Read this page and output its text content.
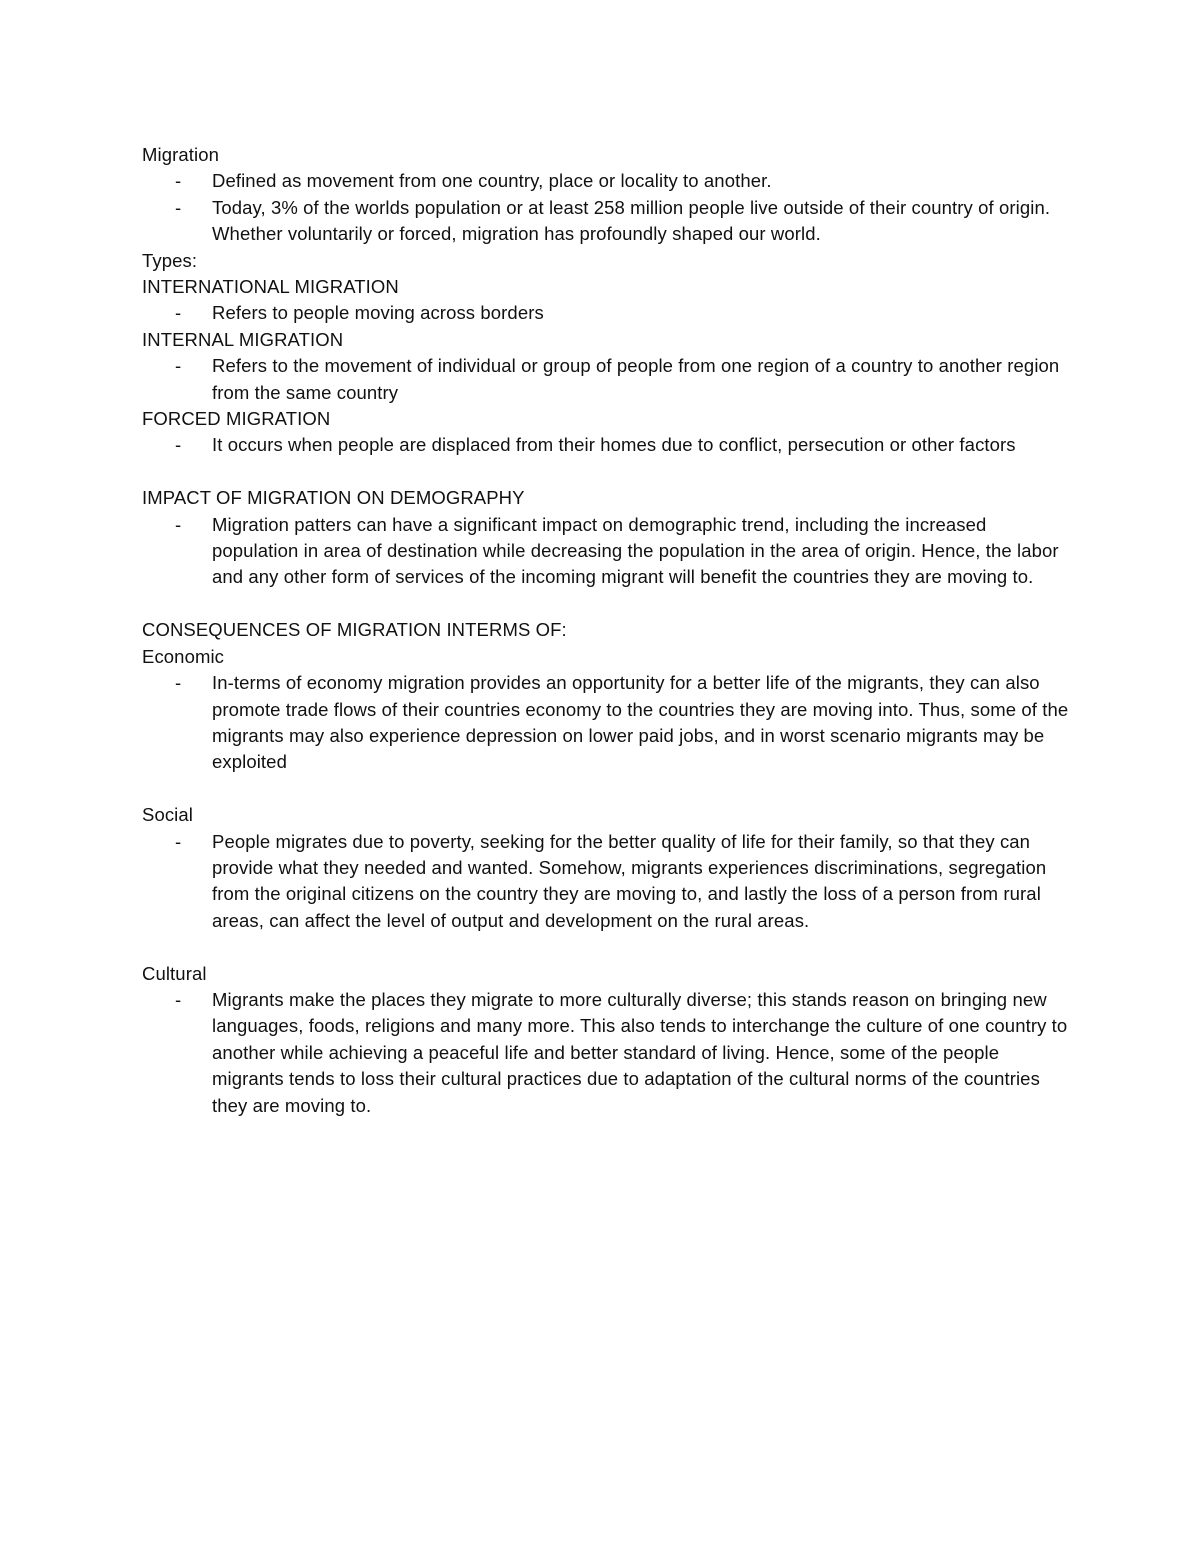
Migration

- Defined as movement from one country, place or locality to another.
- Today, 3% of the worlds population or at least 258 million people live outside of their country of origin. Whether voluntarily or forced, migration has profoundly shaped our world.

Types:

INTERNATIONAL MIGRATION

- Refers to people moving across borders

INTERNAL MIGRATION

- Refers to the movement of individual or group of people from one region of a country to another region from the same country

FORCED MIGRATION

- It occurs when people are displaced from their homes due to conflict, persecution or other factors

IMPACT OF MIGRATION ON DEMOGRAPHY

- Migration patters can have a significant impact on demographic trend, including the increased population in area of destination while decreasing the population in the area of origin. Hence, the labor and any other form of services of the incoming migrant will benefit the countries they are moving to.

CONSEQUENCES OF MIGRATION INTERMS OF:

Economic

- In-terms of economy migration provides an opportunity for a better life of the migrants, they can also promote trade flows of their countries economy to the countries they are moving into. Thus, some of the migrants may also experience depression on lower paid jobs, and in worst scenario migrants may be exploited

Social

- People migrates due to poverty, seeking for the better quality of life for their family, so that they can provide what they needed and wanted. Somehow, migrants experiences discriminations, segregation from the original citizens on the country they are moving to, and lastly the loss of a person from rural areas, can affect the level of output and development on the rural areas.

Cultural

- Migrants make the places they migrate to more culturally diverse; this stands reason on bringing new languages, foods, religions and many more. This also tends to interchange the culture of one country to another while achieving a peaceful life and better standard of living. Hence, some of the people migrants tends to loss their cultural practices due to adaptation of the cultural norms of the countries they are moving to.
